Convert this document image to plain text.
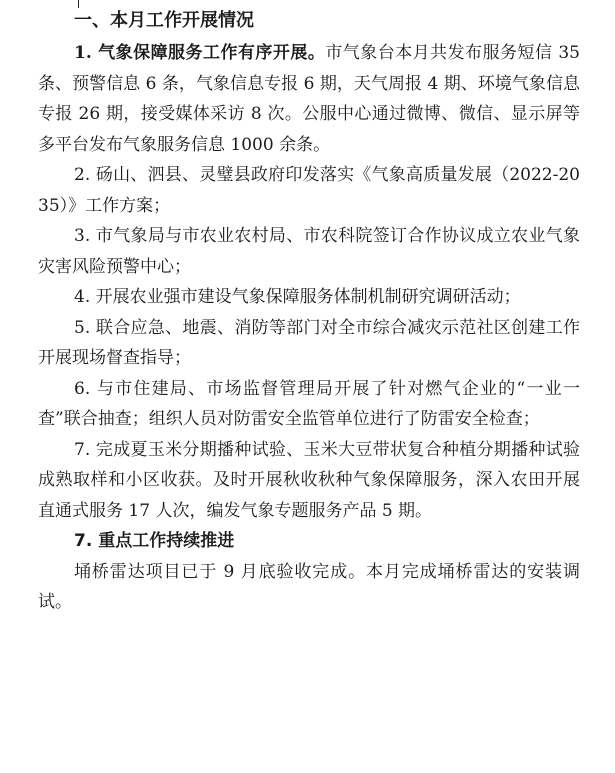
一、本月工作开展情况

1. 气象保障服务工作有序开展。市气象台本月共发布服务短信 35 条、预警信息 6 条，气象信息专报 6 期，天气周报 4 期、环境气象信息专报 26 期，接受媒体采访 8 次。公服中心通过微博、微信、显示屏等多平台发布气象服务信息 1000 余条。

2. 砀山、泗县、灵璧县政府印发落实《气象高质量发展（2022-2035）》工作方案；

3. 市气象局与市农业农村局、市农科院签订合作协议成立农业气象灾害风险预警中心；

4. 开展农业强市建设气象保障服务体制机制研究调研活动；

5. 联合应急、地震、消防等部门对全市综合减灾示范社区创建工作开展现场督查指导；

6. 与市住建局、市场监督管理局开展了针对燃气企业的“一业一查”联合抽查；组织人员对防雷安全监管单位进行了防雷安全检查；

7. 完成夏玉米分期播种试验、玉米大豆带状复合种植分期播种试验成熟取样和小区收获。及时开展秋收秋种气象保障服务，深入农田开展直通式服务 17 人次，编发气象专题服务产品 5 期。

7. 重点工作持续推进

埇桥雷达项目已于 9 月底验收完成。本月完成埇桥雷达的安装调试。
